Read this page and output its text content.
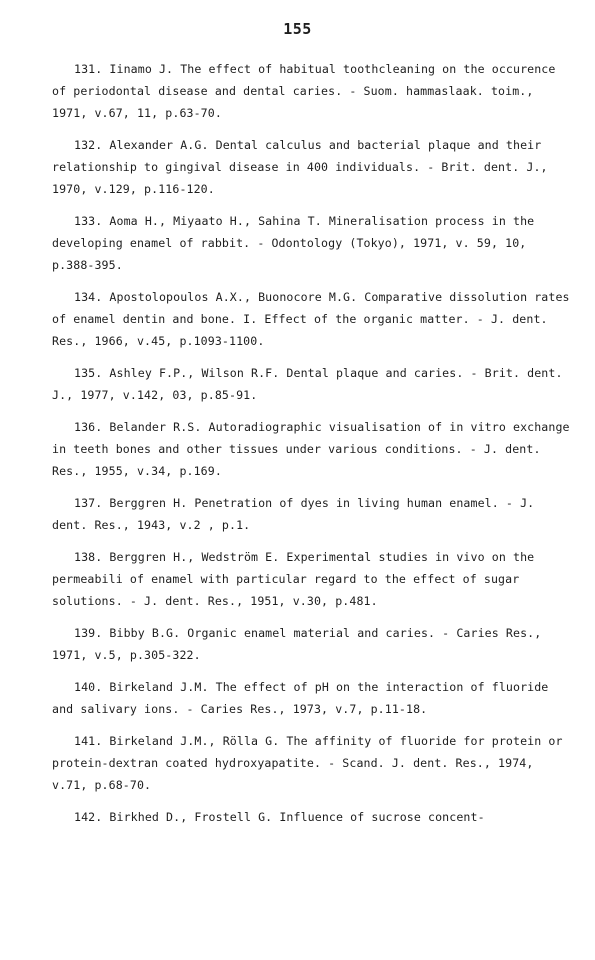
155

131. Iinamo J. The effect of habitual toothcleaning on the occurence of periodontal disease and dental caries. - Suom. hammaslaak. toim., 1971, v.67, 11, p.63-70.

132. Alexander A.G. Dental calculus and bacterial plaque and their relationship to gingival disease in 400 individuals. - Brit. dent. J., 1970, v.129, p.116-120.

133. Aoma H., Miyaato H., Sahina T. Mineralisation process in the developing enamel of rabbit. - Odontology (Tokyo), 1971, v. 59, 10, p.388-395.

134. Apostolopoulos A.X., Buonocore M.G. Comparative dissolution rates of enamel dentin and bone. I. Effect of the organic matter. - J. dent. Res., 1966, v.45, p.1093-1100.

135. Ashley F.P., Wilson R.F. Dental plaque and caries. - Brit. dent. J., 1977, v.142, 03, p.85-91.

136. Belander R.S. Autoradiographic visualisation of in vitro exchange in teeth bones and other tissues under various conditions. - J. dent. Res., 1955, v.34, p.169.

137. Berggren H. Penetration of dyes in living human enamel. - J. dent. Res., 1943, v.2 , p.1.

138. Berggren H., Wedström E. Experimental studies in vivo on the permeabili of enamel with particular regard to the effect of sugar solutions. - J. dent. Res., 1951, v.30, p.481.

139. Bibby B.G. Organic enamel material and caries. - Caries Res., 1971, v.5, p.305-322.

140. Birkeland J.M. The effect of pH on the interaction of fluoride and salivary ions. - Caries Res., 1973, v.7, p.11-18.

141. Birkeland J.M., Rölla G. The affinity of fluoride for protein or protein-dextran coated hydroxyapatite. - Scand. J. dent. Res., 1974, v.71, p.68-70.

142. Birkhed D., Frostell G. Influence of sucrose concent-
